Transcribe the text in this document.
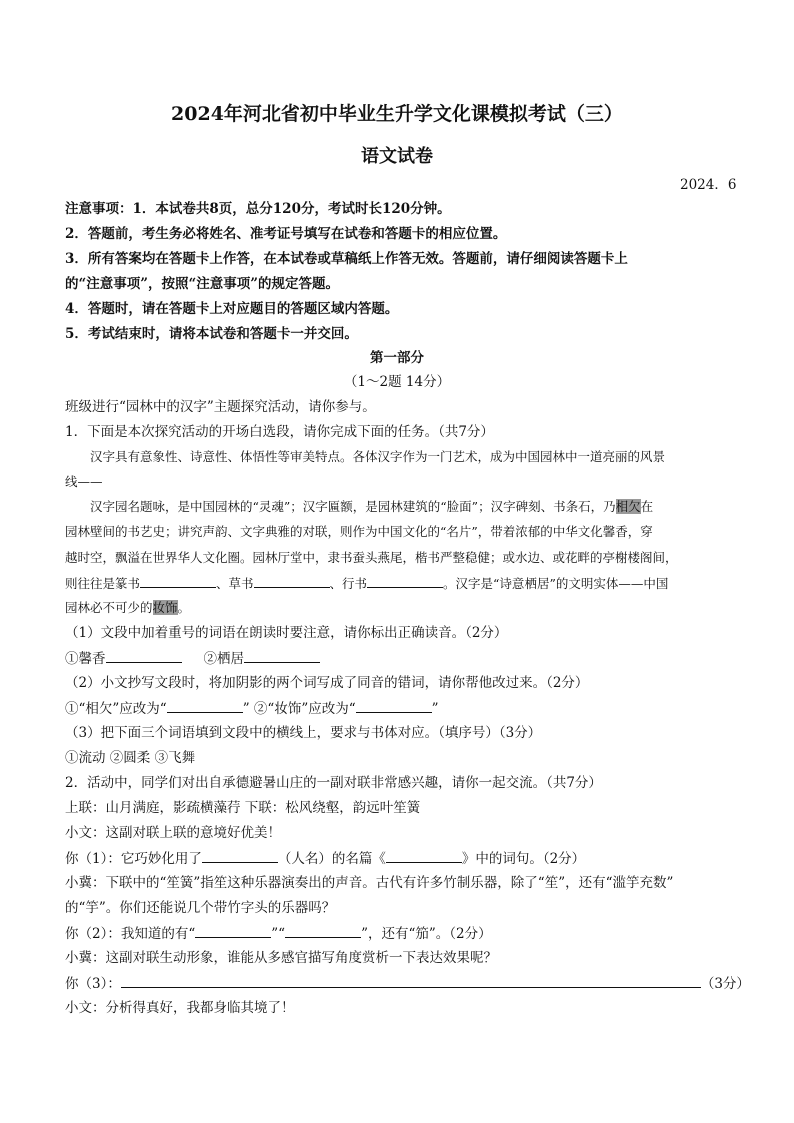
2024年河北省初中毕业生升学文化课模拟考试（三）
语文试卷
2024．6
注意事项：1．本试卷共8页，总分120分，考试时长120分钟。
2．答题前，考生务必将姓名、准考证号填写在试卷和答题卡的相应位置。
3．所有答案均在答题卡上作答，在本试卷或草稿纸上作答无效。答题前，请仔细阅读答题卡上
的“注意事项”，按照“注意事项”的规定答题。
4．答题时，请在答题卡上对应题目的答题区域内答题。
5．考试结束时，请将本试卷和答题卡一并交回。
第一部分
（1～2题 14分）
班级进行“园林中的汉字”主题探究活动，请你参与。
1．下面是本次探究活动的开场白选段，请你完成下面的任务。（共7分）
汉字具有意象性、诗意性、体悟性等审美特点。各体汉字作为一门艺术，成为中国园林中一道亮丽的风景
线——
汉字园名题咏，是中国园林的“灵魂”；汉字匾额，是园林建筑的“脸面”；汉字碑刻、书条石，乃相欠在
园林壁间的书艺史；讲究声韵、文字典雅的对联，则作为中国文化的“名片”，带着浓郁的中华文化馨香，穿
越时空，飘溢在世界华人文化圈。园林厅堂中，隶书蚕头燕尾，楷书严整稳健；或水边、或花畔的亭榭楼阁间，
则往往是篆书	、草书	、行书	。汉字是“诗意栖居”的文明实体——中国
园林必不可少的妆饰。
（1）文段中加着重号的词语在朗读时要注意，请你标出正确读音。（2分）
①馨香	②栖居
（2）小文抄写文段时，将加阴影的两个词写成了同音的错词，请你帮他改过来。（2分）
①“相欠”应改为“	” ②“妆饰”应改为“	”
（3）把下面三个词语填到文段中的横线上，要求与书体对应。（填序号）（3分）
①流动 ②圆柔 ③飞舞
2．活动中，同学们对出自承德避暑山庄的一副对联非常感兴趣，请你一起交流。（共7分）
上联：山月满庭，影疏横藻荇 下联：松风绕壑，韵远叶笙簧
小文：这副对联上联的意境好优美！
你（1）：它巧妙化用了	（人名）的名篇《	》中的词句。（2分）
小冀：下联中的“笙簧”指笙这种乐器演奏出的声音。古代有许多竹制乐器，除了“笙”，还有“滥竽充数”
的“竽”。你们还能说几个带竹字头的乐器吗？
你（2）：我知道的有“	”“	”，还有“笳”。（2分）
小冀：这副对联生动形象，谁能从多感官描写角度赏析一下表达效果呢？
你（3）：	（3分）
小文：分析得真好，我都身临其境了！
